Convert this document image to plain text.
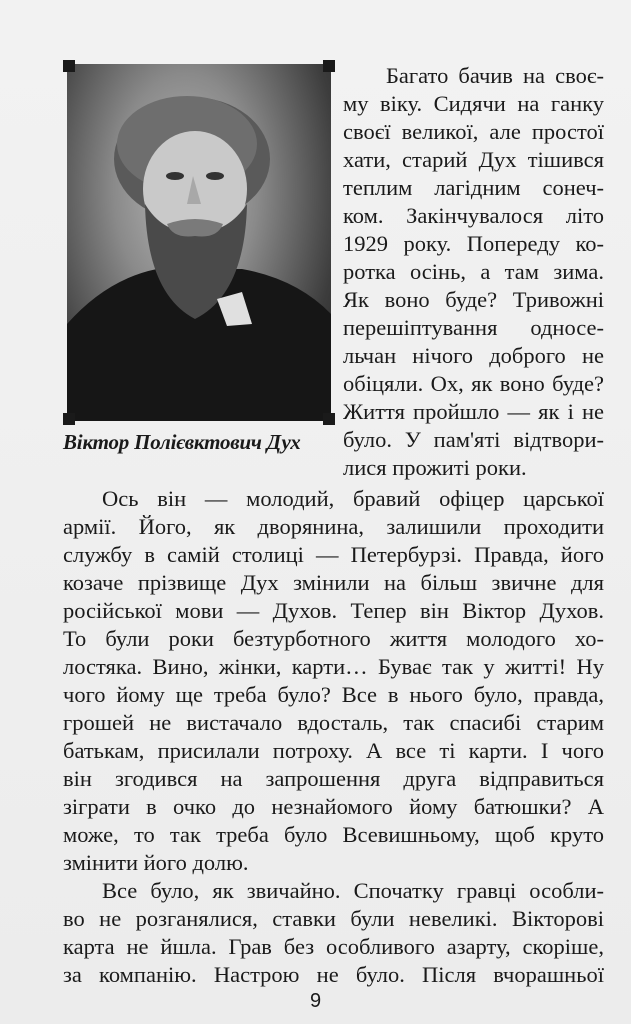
Віктор Полієвктович Дух
Багато бачив на своє-
му віку. Сидячи на ганку
своєї великої, але простої
хати, старий Дух тішився
теплим лагідним сонеч-
ком. Закінчувалося літо
1929 року. Попереду ко-
ротка осінь, а там зима.
Як воно буде? Тривожні
перешіптування односе-
льчан нічого доброго не
обіцяли. Ох, як воно буде?
Життя пройшло — як і не
було. У пам'яті відтвори-
лися прожиті роки.
Ось він — молодий, бравий офіцер царської
армії. Його, як дворянина, залишили проходити
службу в самій столиці — Петербурзі. Правда, його
козаче прізвище Дух змінили на більш звичне для
російської мови — Духов. Тепер він Віктор Духов.
То були роки безтурботного життя молодого хо-
лостяка. Вино, жінки, карти… Буває так у житті! Ну
чого йому ще треба було? Все в нього було, правда,
грошей не вистачало вдосталь, так спасибі старим
батькам, присилали потроху. А все ті карти. І чого
він згодився на запрошення друга відправиться
зіграти в очко до незнайомого йому батюшки? А
може, то так треба було Всевишньому, щоб круто
змінити його долю.
Все було, як звичайно. Спочатку гравці особли-
во не розганялися, ставки були невеликі. Вікторові
карта не йшла. Грав без особливого азарту, скоріше,
за компанію. Настрою не було. Після вчорашньої
9
